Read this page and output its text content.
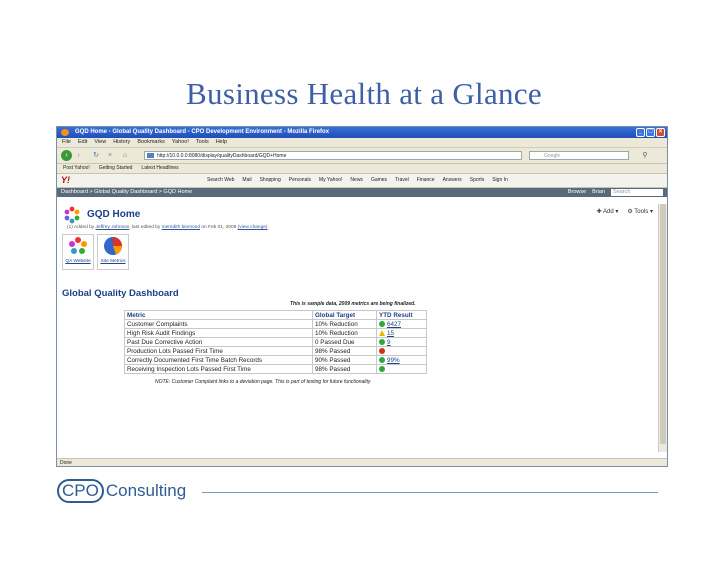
Business Health at a Glance
GQD Home - Global Quality Dashboard - CPO Development Environment - Mozilla Firefox	_	□	×
File Edit View History Bookmarks Yahoo! Tools Help
‹	›	↻	×	⌂	http://10.0.0.0:8080/display/qualityDashboard/GQD+Home	Google	⚲
Post Yahoo! Getting Started Latest Headlines
Y!	Search Web Mail Shopping Personals My Yahoo! News Games Travel Finance Answers Sports Sign In
Dashboard > Global Quality Dashboard > GQD Home	Browse Brian	Search
GQD Home	✚ Add ▾ ⚙ Tools ▾
(1) Added by Jeffrey Johnson, last edited by meredith biemond on Feb 01, 2009 (view change)
QA Website	Site Metrics
Global Quality Dashboard
This is sample data, 2009 metrics are being finalized.
Metric	Global Target	YTD Result
Customer Complaints	10% Reduction	6427
High Risk Audit Findings	10% Reduction	15
Past Due Corrective Action	0 Passed Due	9
Production Lots Passed First Time	98% Passed	
Correctly Documented First Time Batch Records	90% Passed	99%
Receiving Inspection Lots Passed First Time	98% Passed	
NOTE: Customer Complaint links to a deviation page. This is part of testing for future functionality.
Done
CPO Consulting
